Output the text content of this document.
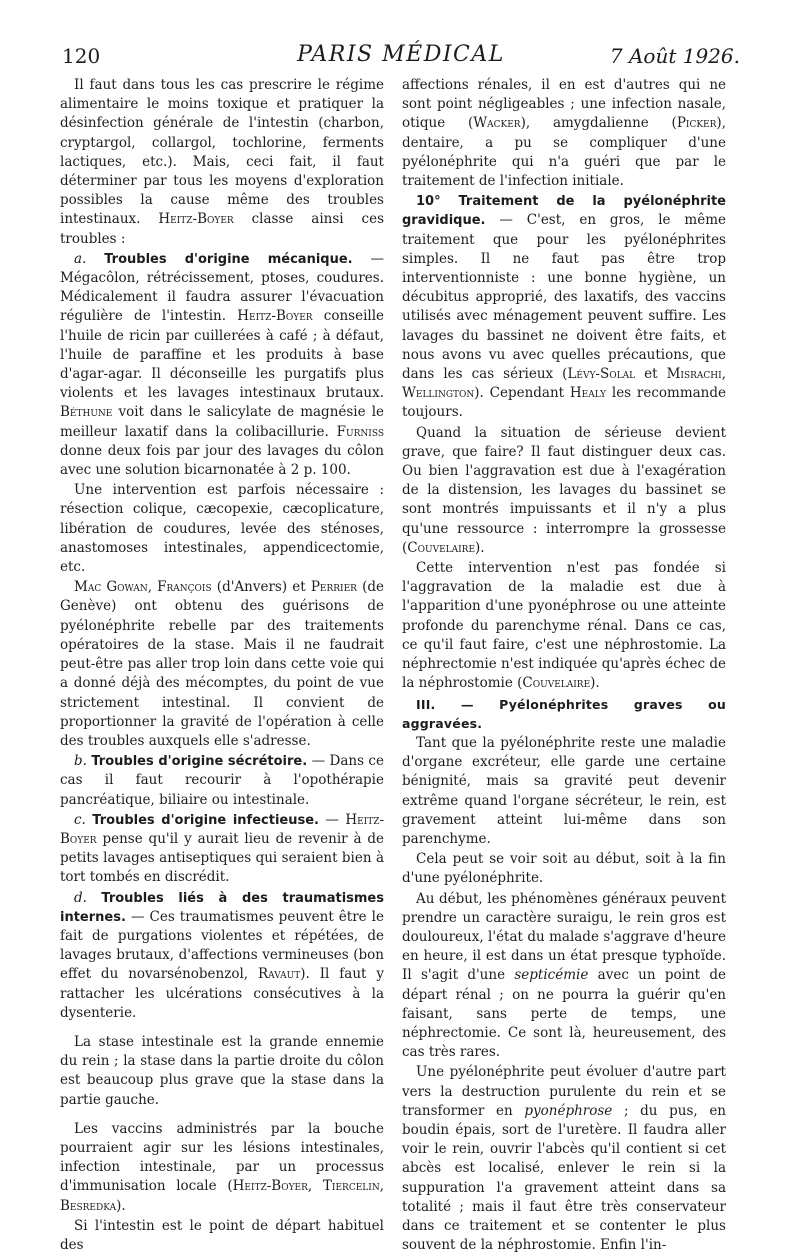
120	PARIS MÉDICAL	7 Août 1926.

Il faut dans tous les cas prescrire le régime alimentaire le moins toxique et pratiquer la désinfection générale de l'intestin (charbon, cryptargol, collargol, tochlorine, ferments lactiques, etc.). Mais, ceci fait, il faut déterminer par tous les moyens d'exploration possibles la cause même des troubles intestinaux. Heitz-Boyer classe ainsi ces troubles :

a. Troubles d'origine mécanique. — Mégacôlon, rétrécissement, ptoses, coudures. Médicalement il faudra assurer l'évacuation régulière de l'intestin. Heitz-Boyer conseille l'huile de ricin par cuillerées à café ; à défaut, l'huile de paraffine et les produits à base d'agar-agar. Il déconseille les purgatifs plus violents et les lavages intestinaux brutaux. Béthune voit dans le salicylate de magnésie le meilleur laxatif dans la colibacillurie. Furniss donne deux fois par jour des lavages du côlon avec une solution bicarnonatée à 2 p. 100.

Une intervention est parfois nécessaire : résection colique, cæcopexie, cæcoplicature, libération de coudures, levée des sténoses, anastomoses intestinales, appendicectomie, etc.

Mac Gowan, François (d'Anvers) et Perrier (de Genève) ont obtenu des guérisons de pyélonéphrite rebelle par des traitements opératoires de la stase. Mais il ne faudrait peut-être pas aller trop loin dans cette voie qui a donné déjà des mécomptes, du point de vue strictement intestinal. Il convient de proportionner la gravité de l'opération à celle des troubles auxquels elle s'adresse.

b. Troubles d'origine sécrétoire. — Dans ce cas il faut recourir à l'opothérapie pancréatique, biliaire ou intestinale.

c. Troubles d'origine infectieuse. — Heitz-Boyer pense qu'il y aurait lieu de revenir à de petits lavages antiseptiques qui seraient bien à tort tombés en discrédit.

d. Troubles liés à des traumatismes internes. — Ces traumatismes peuvent être le fait de purgations violentes et répétées, de lavages brutaux, d'affections vermineuses (bon effet du novarsénobenzol, Ravaut). Il faut y rattacher les ulcérations consécutives à la dysenterie.

La stase intestinale est la grande ennemie du rein ; la stase dans la partie droite du côlon est beaucoup plus grave que la stase dans la partie gauche.

Les vaccins administrés par la bouche pourraient agir sur les lésions intestinales, infection intestinale, par un processus d'immunisation locale (Heitz-Boyer, Tiercelin, Besredka).

Si l'intestin est le point de départ habituel des

affections rénales, il en est d'autres qui ne sont point négligeables ; une infection nasale, otique (Wacker), amygdalienne (Picker), dentaire, a pu se compliquer d'une pyélonéphrite qui n'a guéri que par le traitement de l'infection initiale.

10° Traitement de la pyélonéphrite gravidique. — C'est, en gros, le même traitement que pour les pyélonéphrites simples. Il ne faut pas être trop interventionniste : une bonne hygiène, un décubitus approprié, des laxatifs, des vaccins utilisés avec ménagement peuvent suffire. Les lavages du bassinet ne doivent être faits, et nous avons vu avec quelles précautions, que dans les cas sérieux (Lévy-Solal et Misrachi, Wellington). Cependant Healy les recommande toujours.

Quand la situation de sérieuse devient grave, que faire? Il faut distinguer deux cas. Ou bien l'aggravation est due à l'exagération de la distension, les lavages du bassinet se sont montrés impuissants et il n'y a plus qu'une ressource : interrompre la grossesse (Couvelaire).

Cette intervention n'est pas fondée si l'aggravation de la maladie est due à l'apparition d'une pyonéphrose ou une atteinte profonde du parenchyme rénal. Dans ce cas, ce qu'il faut faire, c'est une néphrostomie. La néphrectomie n'est indiquée qu'après échec de la néphrostomie (Couvelaire).

III. — Pyélonéphrites graves ou aggravées.

Tant que la pyélonéphrite reste une maladie d'organe excréteur, elle garde une certaine bénignité, mais sa gravité peut devenir extrême quand l'organe sécréteur, le rein, est gravement atteint lui-même dans son parenchyme.

Cela peut se voir soit au début, soit à la fin d'une pyélonéphrite.

Au début, les phénomènes généraux peuvent prendre un caractère suraigu, le rein gros est douloureux, l'état du malade s'aggrave d'heure en heure, il est dans un état presque typhoïde. Il s'agit d'une septicémie avec un point de départ rénal ; on ne pourra la guérir qu'en faisant, sans perte de temps, une néphrectomie. Ce sont là, heureusement, des cas très rares.

Une pyélonéphrite peut évoluer d'autre part vers la destruction purulente du rein et se transformer en pyonéphrose ; du pus, en boudin épais, sort de l'uretère. Il faudra aller voir le rein, ouvrir l'abcès qu'il contient si cet abcès est localisé, enlever le rein si la suppuration l'a gravement atteint dans sa totalité ; mais il faut être très conservateur dans ce traitement et se contenter le plus souvent de la néphrostomie. Enfin l'in-
